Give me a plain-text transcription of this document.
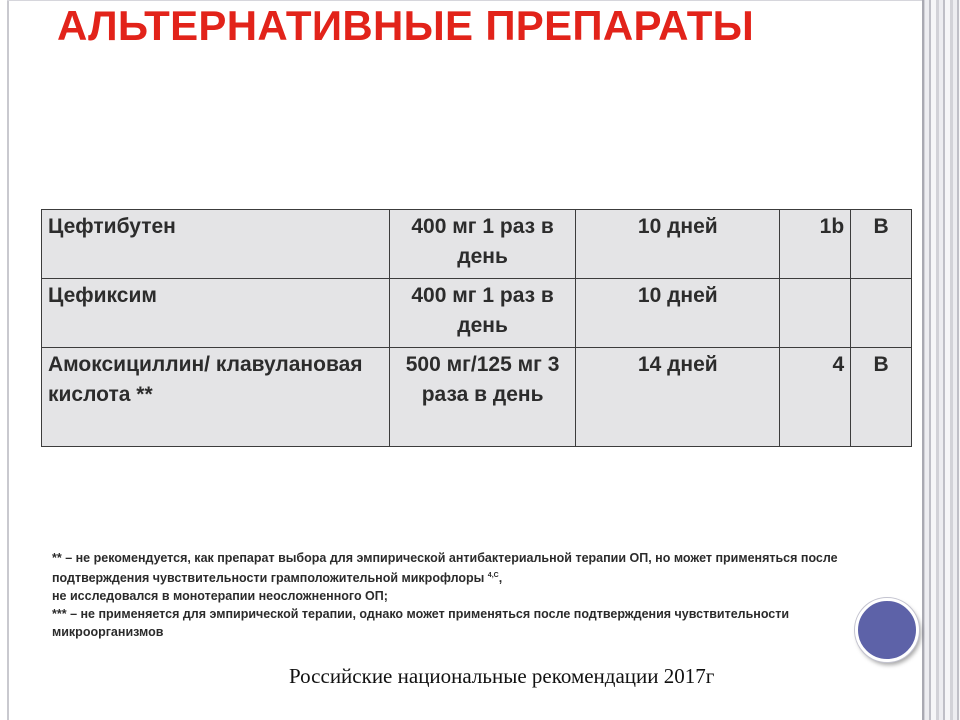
АЛЬТЕРНАТИВНЫЕ ПРЕПАРАТЫ
Цефтибутен	400 мг 1 раз в день	10 дней	1b	B
Цефиксим	400 мг 1 раз в день	10 дней		
Амоксициллин/ клавулановая кислота **	500 мг/125 мг 3 раза в день	14 дней	4	B

** – не рекомендуется, как препарат выбора для эмпирической антибактериальной терапии ОП, но может применяться после подтверждения чувствительности грамположительной микрофлоры $^{4,C}$,

не исследовался в монотерапии неосложненного ОП;

*** – не применяется для эмпирической терапии, однако может применяться после подтверждения чувствительности микроорганизмов

Российские национальные рекомендации 2017г
